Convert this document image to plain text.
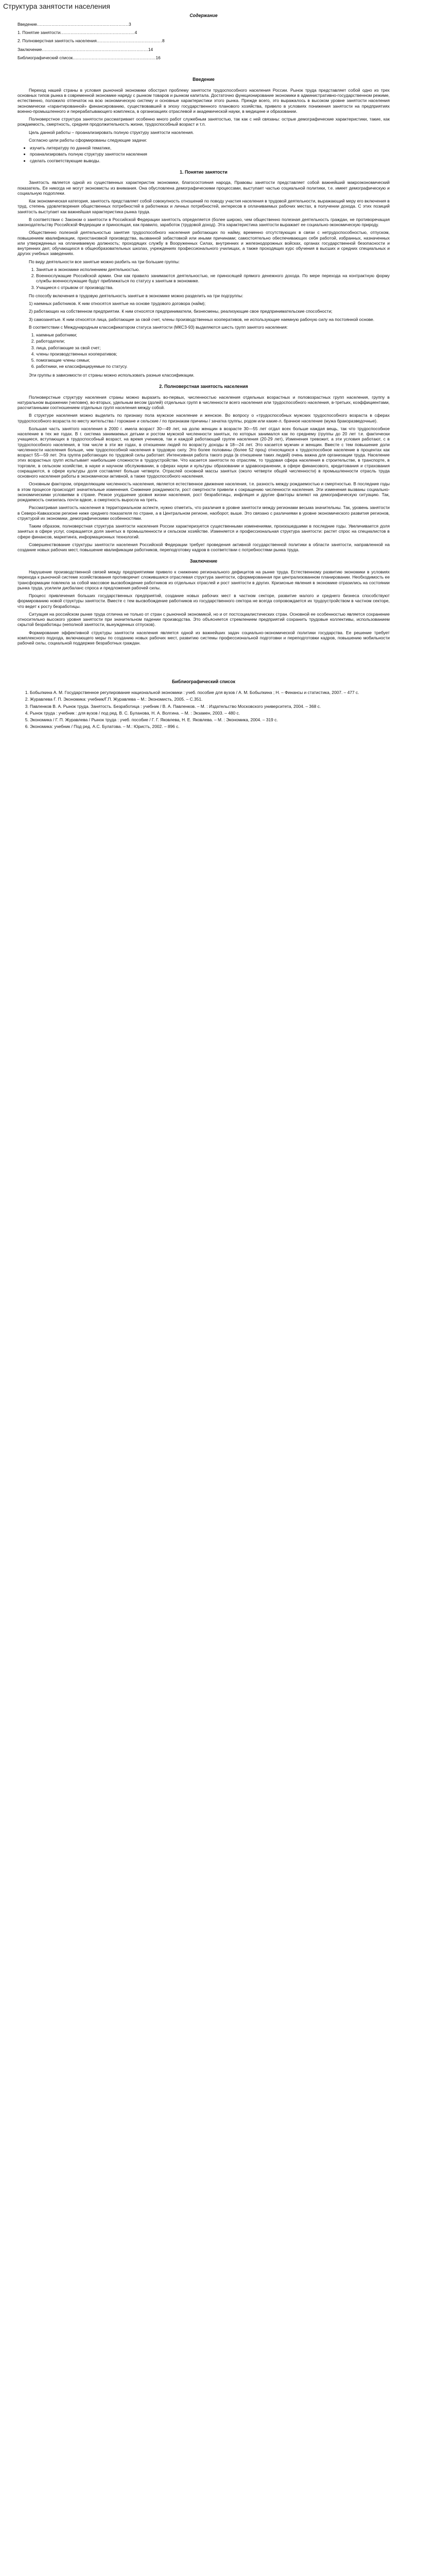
Структура занятости населения
Содержание
Введение ............................................................... 3
1. Понятие занятости ................................................... 4
2. Полноверстная занятость населения ............................................. 8
Заключение ......................................................................... 14
Библиографический список ......................................................... 16
Введение

Переход нашей страны в условия рыночной экономики обострил проблему занятости трудоспособного населения России. Рынок труда представляет собой одно из трех основных типов рынка в современной экономике наряду с рынком товаров и рынком капитала. Достаточно функционирование экономики в административно-государственном режиме, естественно, положило отпечаток на всю экономическую систему и основные характеристики этого рынка. Прежде всего, это выражалось в высоком уровне занятости населения экономически «гарантированной» финансированию, существовавшей в эпоху государственного планового хозяйства, привело в условиях понижения занятости на предприятиях военно-промышленного и перерабатывающего комплекса, в организациях отраслевой и академической науки, в медицине и образовании.

Полноверстное структура занятости рассматривает особенно много работ служебным занятостью, так как с ней связаны: острые демографические характеристики, такие, как рождаемость, смертность, средняя продолжительность жизни, трудоспособный возраст и т.п.

Цель данной работы – проанализировать полную структуру занятости населения.

Согласно цели работы сформированы следующие задачи:

• изучить литературу по данной тематике,
• проанализировать полную структуру занятости населения
• сделать соответствующие выводы.
1. Понятие занятости

Занятость является одной из существенных характеристик экономики, благосостояния народа, Правовы занятости представляет собой важнейший макроэкономический показатель. Ее никогда не могут экономисты из внимания. Она обусловлена демографическими процессами, выступает частью социальной политики, т.е. имеет демографическую и социальную подоплеки.

Как экономическая категория, занятость представляет собой совокупность отношений по поводу участия населения в трудовой деятельности, выражающий меру его включения в труд, степень удовлетворения общественных потребностей в работниках и личных потребностей, интересов в оплачиваемых рабочих местах, в получении дохода. С этих позиций занятость выступает как важнейшая характеристика рынка труда.

В соответствии с Законом о занятости в Российской Федерации занятость определяется (более широко, чем общественно полезная деятельность граждан, не противоречащая законодательству Российской Федерации и приносящая, как правило, заработок (трудовой доход). Эта характеристика занятости выражает ее социально-экономическую природу.

Общественно полезной деятельностью занятия трудоспособного населения работающих по найму, временно отсутствующих в связи с нетрудоспособностью, отпуском, повышением квалификации, приостановкой производства, вызванной забастовкой или иными причинами; самостоятельно обеспечивающих себя работой, избранных, назначенных или утвержденных на оплачиваемую должность; проходящих службу в Вооруженных Силах, внутренних и железнодорожных войсках, органах государственной безопасности и внутренних дел; обучающихся в общеобразовательных школах, учреждениях профессионального училищах, а также проходящих курс обучения в высших и средних специальных и других учебных заведениях.

По виду деятельности все занятые можно разбить на три большие группы:

1. Занятые в экономике исполнением деятельностью.
2. Военнослужащие Российской армии. Они как правило занимаются деятельностью, не приносящей прямого денежного дохода. По мере перехода на контрактную форму службы военнослужащие будут приближаться по статусу к занятым в экономике.
3. Учащиеся с отрывом от производства.

По способу включения в трудовую деятельность занятые в экономике можно разделить на три подгруппы:

1) наемных работников. К ним относятся занятые на основе трудового договора (найм);

2) работающих на собственном предприятии. К ним относятся предприниматели, бизнесмены, реализующие свое предпринимательские способности;

3) самозанятые. К ним относятся лица, работающие за свой счет, члены производственных кооперативов, не использующие наемную рабочую силу на постоянной основе.

В соответствии с Международным классификатором статуса занятости (МКСЗ-93) выделяются шесть групп занятого населения:

1. наемные работники;
2. работодатели;
3. лица, работающие за свой счет;
4. члены производственных кооперативов;
5. помогающие члены семьи;
6. работники, не классифицируемые по статусу.

Эти группы в зависимости от страны можно использовать разные классификации.

2. Полноверстная занятость населения

Полноверстные структуру населения страны можно выразить во-первых, численностью населения отдельных возрастных и половозрастных групп населения, группу в натуральном выражении (человек), во-вторых, удельным весом (долей) отдельных групп в численности всего населения или трудоспособного населения, в-третьих, коэффициентами, рассчитанными соотношением отдельных групп населения между собой.

В структуре населения можно выделить по признаку пола мужское население и женское. Во вопросу о «трудоспособных мужских трудоспособного возраста в сферах трудоспособного возраста по месту жительства / горожане и сельские / по признакам причины / зачатка группы, родом или какие-л. брачное население (мужа бракоразведочные).

Большая часть занятого населения в 2000 г. имела возраст 30—49 лет, на долю женщин в возрасте 30—55 лет отдал всех больше каждая вещь, так что трудоспособное население в тех же годах. В г. система занимаемых детьми и ростом мужской численности занятых, по которых занимался как по среднему (группы до 20 лет т.е. фактически учащиеся, вступающих в трудоспособный возраст, на время учеников, так и каждой работающий группе населения (20-29 лет), Изменения тревожит, а эти условия работают, с в трудоспособного населения, в том числе в эти же годах, в отношении людей по возрасту доходы в 18—24 лет. Это касается мужчин и женщин. Вместе с тем повышение доли численности населения больше, чем трудоспособной населения в трудовую силу. Это более половины (более 52 проц) относящихся к трудоспособное население в процентах как возраст 55—59 лет. Эта группа работающих по трудовой силы работает. Интенсивная работа такого рода (в отношении таких людей) очень важна для организации труда. Население этих возрастных групп испытывает наибольшие сложности в трудоустройстве. Что касается занятости по отраслям, то трудовая сфера населения в строительстве, в транспорте, в торговле, в сельском хозяйстве, в науке и научном обслуживании, в сферах науки и культуры образовании и здравоохранении, в сфере финансового, кредитования и страхования сокращаются, в сфере культуры доля составляет больше четверти. Отраслей основной массы занятых (около четверти общей численности) в промышленности отрасль труда основного населения работы в экономически активной, а также трудоспособного населения.

Основным фактором, определяющим численность населения, является естественное движение населения, т.е. разность между рождаемостью и смертностью. В последние годы в этом процессе происходят значительные изменения. Снижение рождаемости, рост смертности привели к сокращению численности населения. Эти изменения вызваны социально-экономическими условиями в стране. Резкое ухудшение уровня жизни населения, рост безработицы, инфляция и другие факторы влияют на демографическую ситуацию. Так, рождаемость снизилась почти вдвое, а смертность выросла на треть.

Рассматривая занятость населения в территориальном аспекте, нужно отметить, что различия в уровне занятости между регионами весьма значительны. Так, уровень занятости в Северо-Кавказском регионе ниже среднего показателя по стране, а в Центральном регионе, наоборот, выше. Это связано с различиями в уровне экономического развития регионов, структурой их экономики, демографическими особенностями.

Таким образом, полноверстная структура занятости населения России характеризуется существенными изменениями, произошедшими в последние годы. Увеличивается доля занятых в сфере услуг, сокращается доля занятых в промышленности и сельском хозяйстве. Изменяется и профессиональная структура занятости: растет спрос на специалистов в сфере финансов, маркетинга, информационных технологий.

Совершенствование структуры занятости населения Российской Федерации требует проведения активной государственной политики в области занятости, направленной на создание новых рабочих мест, повышение квалификации работников, переподготовку кадров в соответствии с потребностями рынка труда.

Заключение

Нарушение производственной связей между предприятиями привело к снижению регионального дефицитов на рынке труда. Естественному развитию экономики в условиях перехода к рыночной системе хозяйствования противоречит сложившаяся отраслевая структура занятости, сформированная при централизованном планировании. Необходимость ее трансформации повлекла за собой массовое высвобождение работников из отдельных отраслей и рост занятости в других. Кризисные явления в экономике отразились на состоянии рынка труда, усилили дисбаланс спроса и предложения рабочей силы.

Процесс привлечения больших государственных предприятий, создание новых рабочих мест в частном секторе, развитие малого и среднего бизнеса способствуют формированию новой структуры занятости. Вместе с тем высвобождение работников из государственного сектора не всегда сопровождается их трудоустройством в частном секторе, что ведет к росту безработицы.

Ситуация на российском рынке труда отлична не только от стран с рыночной экономикой, но и от постсоциалистических стран. Основной ее особенностью является сохранение относительно высокого уровня занятости при значительном падении производства. Это объясняется стремлением предприятий сохранить трудовые коллективы, использованием скрытой безработицы (неполной занятости, вынужденных отпусков).

Формирование эффективной структуры занятости населения является одной из важнейших задач социально-экономической политики государства. Ее решение требует комплексного подхода, включающего меры по созданию новых рабочих мест, развитию системы профессиональной подготовки и переподготовки кадров, повышению мобильности рабочей силы, социальной поддержке безработных граждан.

Библиографический список
1. Бобылкина А. М. Государственное регулирование национальной экономики : учеб. пособие для вузов / А. М. Бобылкина ; Н. – Финансы и статистика, 2007. – 477 с.
2. Журавлева Г. П. Экономика: учебник/Г.П. Журавлева – М.: Экономисть, 2005. – С.351.
3. Павленков В. А. Рынок труда. Занятость. Безработица : учебник / В. А. Павленков. – М. : Издательство Московского университета, 2004. – 368 с.
4. Рынок труда : учебник : для вузов / под ред. В. С. Буланова, Н. А. Волгина. – М. : Экзамен, 2003. – 480 с.
5. Экономика / Г. П. Журавлева / Рынок труда : учеб. пособие / Г. Г. Яковлева, Н. Е. Яковлева. – М. : Экономика, 2004. – 319 с.
6. Экономика: учебник / Под ред. А.С. Булатова. – М.: Юристъ, 2002. – 896 с.
